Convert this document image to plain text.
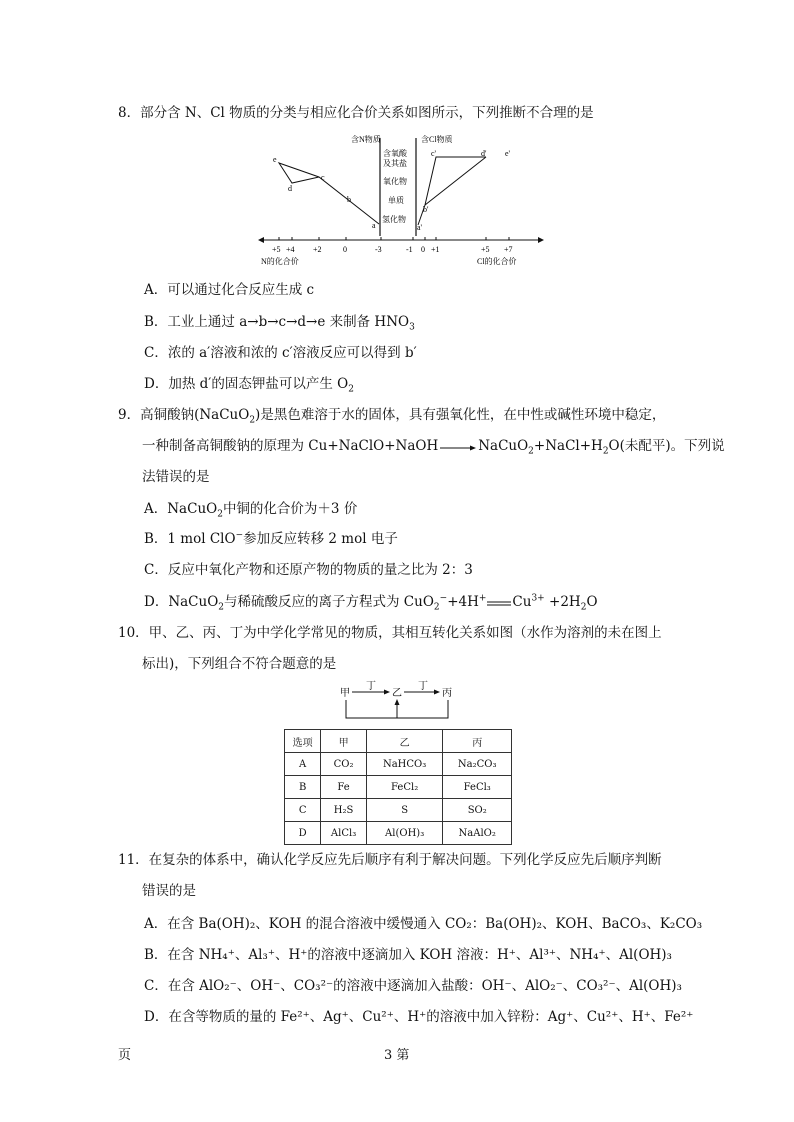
8．部分含 N、Cl 物质的分类与相应化合价关系如图所示，下列推断不合理的是
含N物质	含Cl物质
含氧酸
及其盐
氧化物
单质
氢化物
+5 +4 +2	0	-3	-1 0 +1	+5 +7
N的化合价	Cl的化合价
a
b
c
d
e
a'
b'
c'	d' e'
A．可以通过化合反应生成 c
B．工业上通过 a→b→c→d→e 来制备 $HNO_3$
C．浓的 a′溶液和浓的 c′溶液反应可以得到 b′
D．加热 d′的固态钾盐可以产生 $O_2$
9．高铜酸钠(NaCuO$_2$)是黑色难溶于水的固体，具有强氧化性，在中性或碱性环境中稳定，
一种制备高铜酸钠的原理为 $Cu+NaClO+NaOH\to NaCuO_2+NaCl+H_2O$(未配平)。下列说
法错误的是
A．NaCuO$_2$中铜的化合价为＋3 价
B．1 mol ClO−参加反应转移 2 mol 电子
C．反应中氧化产物和还原产物的物质的量之比为 2：3
D．NaCuO$_2$与稀硫酸反应的离子方程式为 CuO$_2$−+4H+ $Cu^{3+} +2H_2O$
10．甲、乙、丙、丁为中学化学常见的物质，其相互转化关系如图（水作为溶剂的未在图上
标出)，下列组合不符合题意的是
甲	乙	丙
丁	丁
选项	甲	乙	丙
A	CO₂	NaHCO₃	Na₂CO₃
B	Fe	FeCl₂	FeCl₃
C	H₂S	S	SO₂
D	AlCl₃	Al(OH)₃	NaAlO₂
11．在复杂的体系中，确认化学反应先后顺序有利于解决问题。下列化学反应先后顺序判断
错误的是
A．在含 Ba(OH)₂、KOH 的混合溶液中缓慢通入 CO₂：Ba(OH)₂、KOH、BaCO₃、K₂CO₃
B．在含 NH₄⁺、Al₃⁺、H⁺的溶液中逐滴加入 KOH 溶液：H⁺、Al³⁺、NH₄⁺、Al(OH)₃
C．在含 AlO₂⁻、OH⁻、CO₃²⁻的溶液中逐滴加入盐酸：OH⁻、AlO₂⁻、CO₃²⁻、Al(OH)₃
D．在含等物质的量的 Fe²⁺、Ag⁺、Cu²⁺、H⁺的溶液中加入锌粉：Ag⁺、Cu²⁺、H⁺、Fe²⁺
页	3 第
